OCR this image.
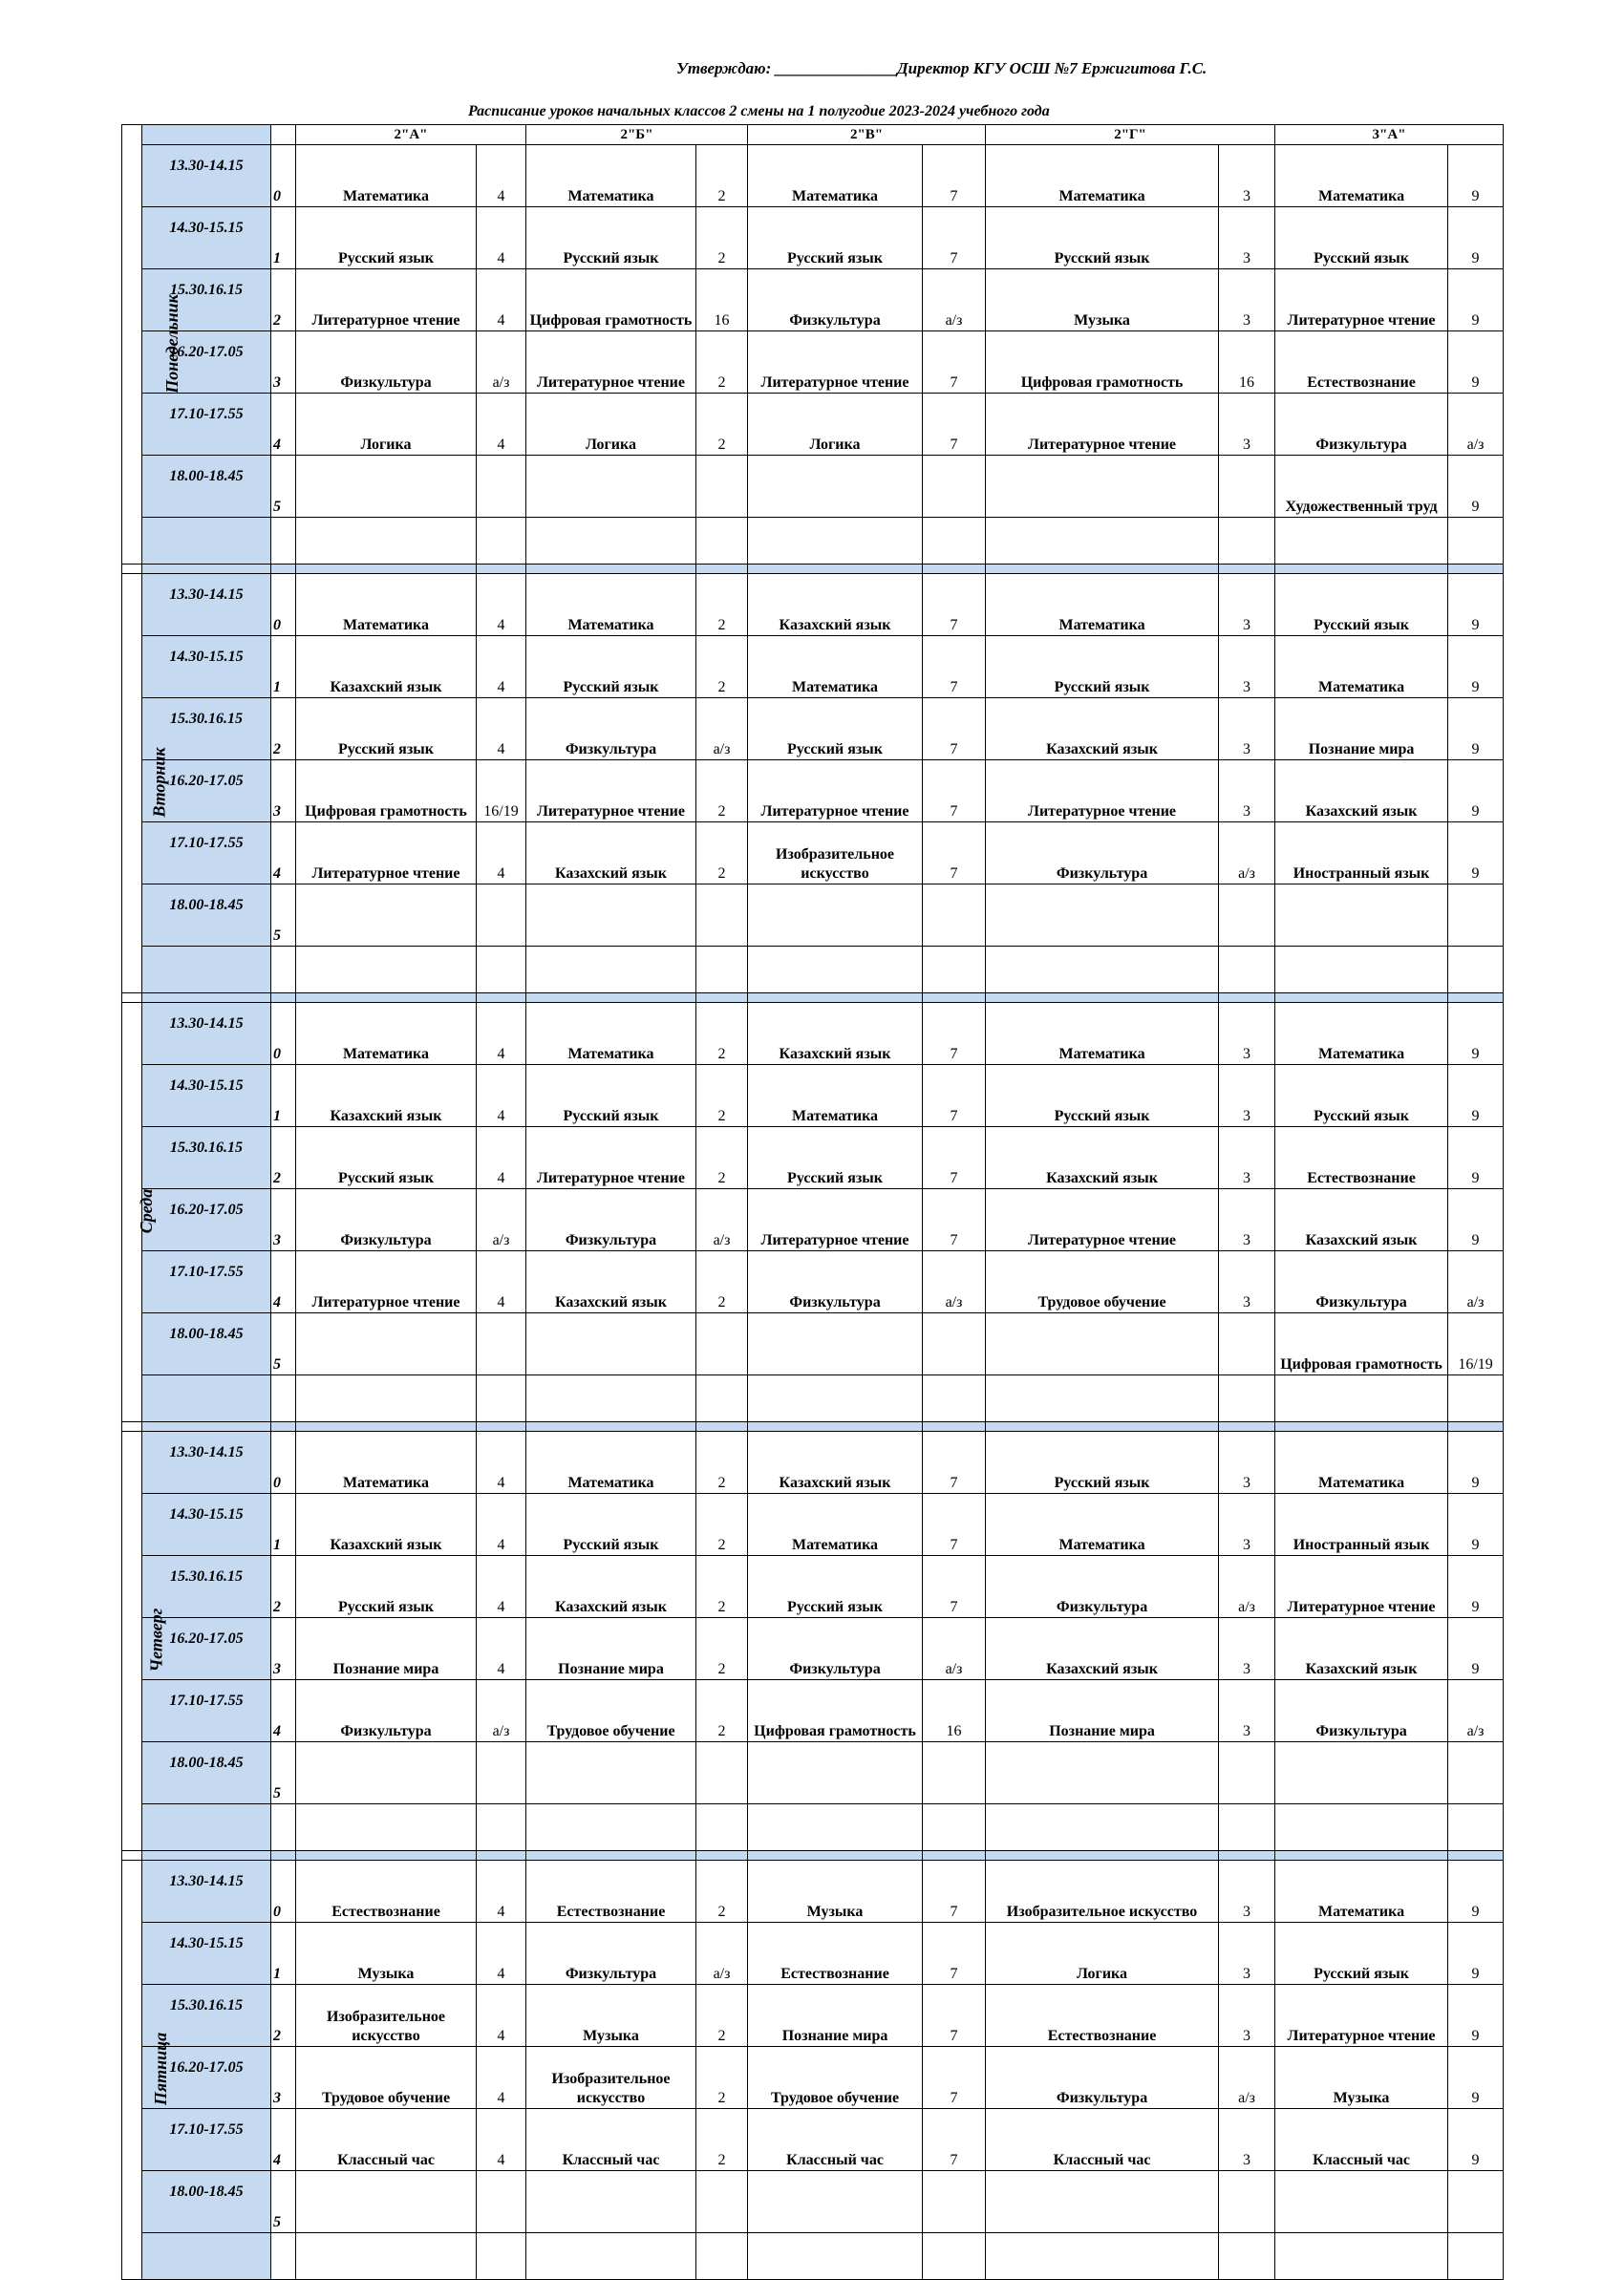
Утверждаю: _______________Директор КГУ ОСШ №7 Ержигитова Г.С.
Расписание уроков начальных классов 2 смены на 1 полугодие 2023-2024 учебного года
Понедельник			2"А"		2"Б"		2"В"		2"Г"		3"А"	
	13.30-14.15	0	Математика	4	Математика	2	Математика	7	Математика	3	Математика	9
	14.30-15.15	1	Русский язык	4	Русский язык	2	Русский язык	7	Русский язык	3	Русский язык	9
	15.30.16.15	2	Литературное чтение	4	Цифровая грамотность	16	Физкультура	а/з	Музыка	3	Литературное чтение	9
	16.20-17.05	3	Физкультура	а/з	Литературное чтение	2	Литературное чтение	7	Цифровая грамотность	16	Естествознание	9
	17.10-17.55	4	Логика	4	Логика	2	Логика	7	Литературное чтение	3	Физкультура	а/з
	18.00-18.45	5									Художественный труд	9

Вторник	13.30-14.15	0	Математика	4	Математика	2	Казахский язык	7	Математика	3	Русский язык	9
	14.30-15.15	1	Казахский язык	4	Русский язык	2	Математика	7	Русский язык	3	Математика	9
	15.30.16.15	2	Русский язык	4	Физкультура	а/з	Русский язык	7	Казахский язык	3	Познание мира	9
	16.20-17.05	3	Цифровая грамотность	16/19	Литературное чтение	2	Литературное чтение	7	Литературное чтение	3	Казахский язык	9
	17.10-17.55	4	Литературное чтение	4	Казахский язык	2	Изобразительное искусство	7	Физкультура	а/з	Иностранный язык	9
	18.00-18.45	5										

Среда	13.30-14.15	0	Математика	4	Математика	2	Казахский язык	7	Математика	3	Математика	9
	14.30-15.15	1	Казахский язык	4	Русский язык	2	Математика	7	Русский язык	3	Русский язык	9
	15.30.16.15	2	Русский язык	4	Литературное чтение	2	Русский язык	7	Казахский язык	3	Естествознание	9
	16.20-17.05	3	Физкультура	а/з	Физкультура	а/з	Литературное чтение	7	Литературное чтение	3	Казахский язык	9
	17.10-17.55	4	Литературное чтение	4	Казахский язык	2	Физкультура	а/з	Трудовое обучение	3	Физкультура	а/з
	18.00-18.45	5									Цифровая грамотность	16/19

Четверг	13.30-14.15	0	Математика	4	Математика	2	Казахский язык	7	Русский язык	3	Математика	9
	14.30-15.15	1	Казахский язык	4	Русский язык	2	Математика	7	Математика	3	Иностранный язык	9
	15.30.16.15	2	Русский язык	4	Казахский язык	2	Русский язык	7	Физкультура	а/з	Литературное чтение	9
	16.20-17.05	3	Познание мира	4	Познание мира	2	Физкультура	а/з	Казахский язык	3	Казахский язык	9
	17.10-17.55	4	Физкультура	а/з	Трудовое обучение	2	Цифровая грамотность	16	Познание мира	3	Физкультура	а/з
	18.00-18.45	5										

Пятница	13.30-14.15	0	Естествознание	4	Естествознание	2	Музыка	7	Изобразительное искусство	3	Математика	9
	14.30-15.15	1	Музыка	4	Физкультура	а/з	Естествознание	7	Логика	3	Русский язык	9
	15.30.16.15	2	Изобразительное искусство	4	Музыка	2	Познание мира	7	Естествознание	3	Литературное чтение	9
	16.20-17.05	3	Трудовое обучение	4	Изобразительное искусство	2	Трудовое обучение	7	Физкультура	а/з	Музыка	9
	17.10-17.55	4	Классный час	4	Классный час	2	Классный час	7	Классный час	3	Классный час	9
	18.00-18.45	5										
